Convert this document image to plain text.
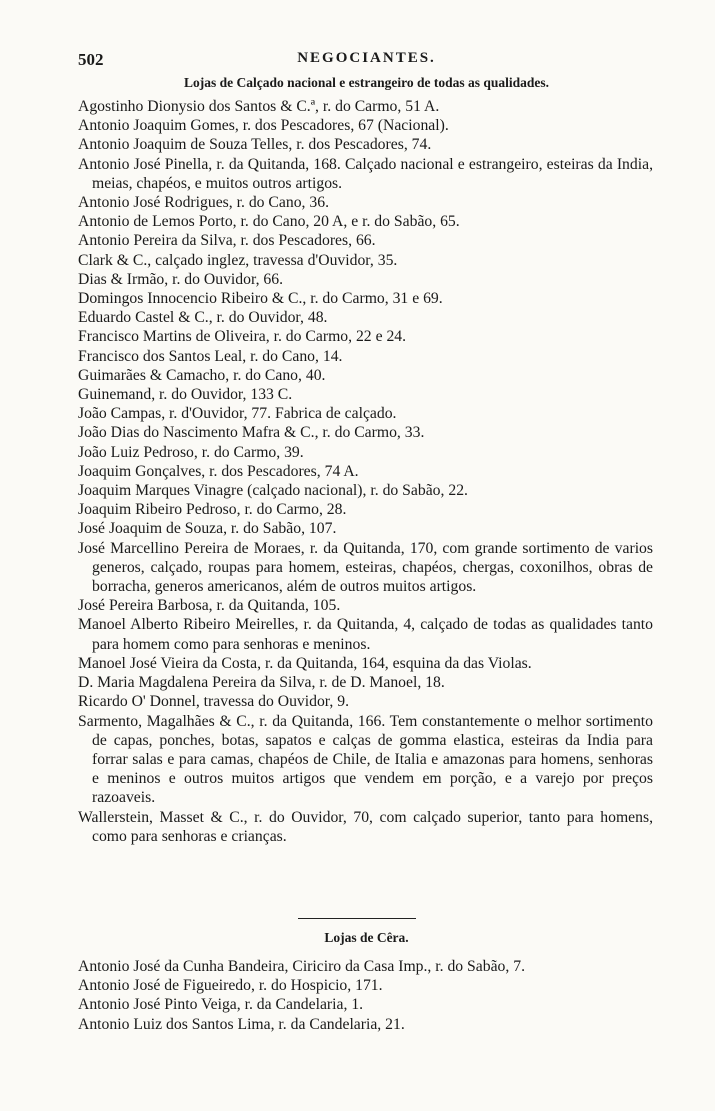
502	NEGOCIANTES.
Lojas de Calçado nacional e estrangeiro de todas as qualidades.

Agostinho Dionysio dos Santos & C.ª, r. do Carmo, 51 A.

Antonio Joaquim Gomes, r. dos Pescadores, 67 (Nacional).

Antonio Joaquim de Souza Telles, r. dos Pescadores, 74.

Antonio José Pinella, r. da Quitanda, 168. Calçado nacional e estrangeiro, esteiras da India, meias, chapéos, e muitos outros artigos.

Antonio José Rodrigues, r. do Cano, 36.

Antonio de Lemos Porto, r. do Cano, 20 A, e r. do Sabão, 65.

Antonio Pereira da Silva, r. dos Pescadores, 66.

Clark & C., calçado inglez, travessa d'Ouvidor, 35.

Dias & Irmão, r. do Ouvidor, 66.

Domingos Innocencio Ribeiro & C., r. do Carmo, 31 e 69.

Eduardo Castel & C., r. do Ouvidor, 48.

Francisco Martins de Oliveira, r. do Carmo, 22 e 24.

Francisco dos Santos Leal, r. do Cano, 14.

Guimarães & Camacho, r. do Cano, 40.

Guinemand, r. do Ouvidor, 133 C.

João Campas, r. d'Ouvidor, 77. Fabrica de calçado.

João Dias do Nascimento Mafra & C., r. do Carmo, 33.

João Luiz Pedroso, r. do Carmo, 39.

Joaquim Gonçalves, r. dos Pescadores, 74 A.

Joaquim Marques Vinagre (calçado nacional), r. do Sabão, 22.

Joaquim Ribeiro Pedroso, r. do Carmo, 28.

José Joaquim de Souza, r. do Sabão, 107.

José Marcellino Pereira de Moraes, r. da Quitanda, 170, com grande sortimento de varios generos, calçado, roupas para homem, esteiras, chapéos, chergas, coxonilhos, obras de borracha, generos americanos, além de outros muitos artigos.

José Pereira Barbosa, r. da Quitanda, 105.

Manoel Alberto Ribeiro Meirelles, r. da Quitanda, 4, calçado de todas as qualidades tanto para homem como para senhoras e meninos.

Manoel José Vieira da Costa, r. da Quitanda, 164, esquina da das Violas.

D. Maria Magdalena Pereira da Silva, r. de D. Manoel, 18.

Ricardo O' Donnel, travessa do Ouvidor, 9.

Sarmento, Magalhães & C., r. da Quitanda, 166. Tem constantemente o melhor sortimento de capas, ponches, botas, sapatos e calças de gomma elastica, esteiras da India para forrar salas e para camas, chapéos de Chile, de Italia e amazonas para homens, senhoras e meninos e outros muitos artigos que vendem em porção, e a varejo por preços razoaveis.

Wallerstein, Masset & C., r. do Ouvidor, 70, com calçado superior, tanto para homens, como para senhoras e crianças.

Lojas de Cêra.

Antonio José da Cunha Bandeira, Ciriciro da Casa Imp., r. do Sabão, 7.

Antonio José de Figueiredo, r. do Hospicio, 171.

Antonio José Pinto Veiga, r. da Candelaria, 1.

Antonio Luiz dos Santos Lima, r. da Candelaria, 21.
